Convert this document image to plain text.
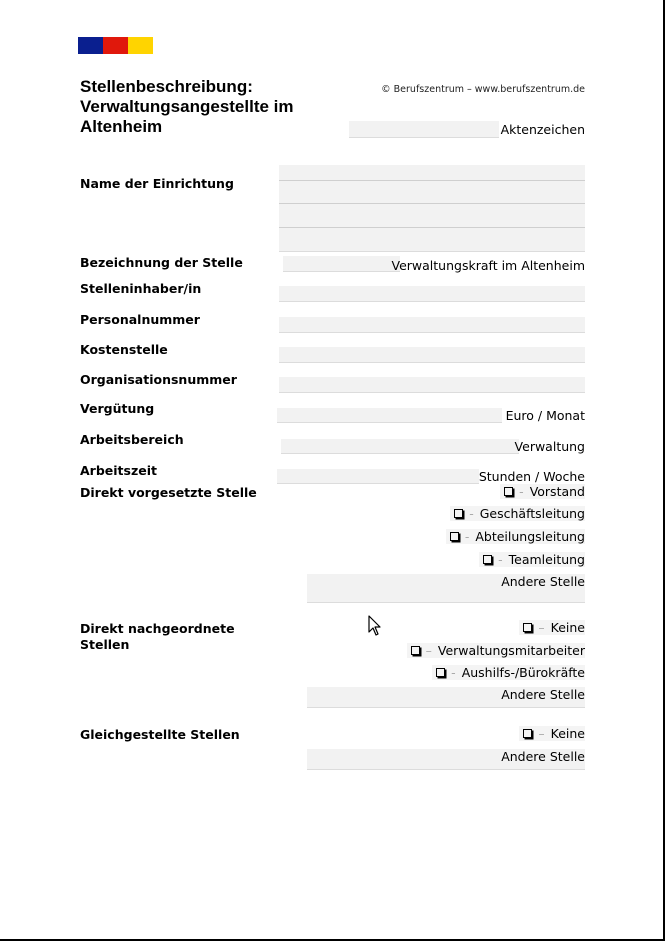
Stellenbeschreibung: Verwaltungsangestellte im Altenheim
© Berufszentrum – www.berufszentrum.de
Aktenzeichen
Name der Einrichtung
Bezeichnung der Stelle	Verwaltungskraft im Altenheim
Stelleninhaber/in
Personalnummer
Kostenstelle
Organisationsnummer
Vergütung	Euro / Monat
Arbeitsbereich	Verwaltung
Arbeitszeit	Stunden / Woche
Direkt vorgesetzte Stelle	- Vorstand
- Geschäftsleitung
- Abteilungsleitung
- Teamleitung
Andere Stelle
Direkt nachgeordnete Stellen
– Keine
– Verwaltungsmitarbeiter
- Aushilfs-/Bürokräfte
Andere Stelle
Gleichgestellte Stellen	– Keine
Andere Stelle
